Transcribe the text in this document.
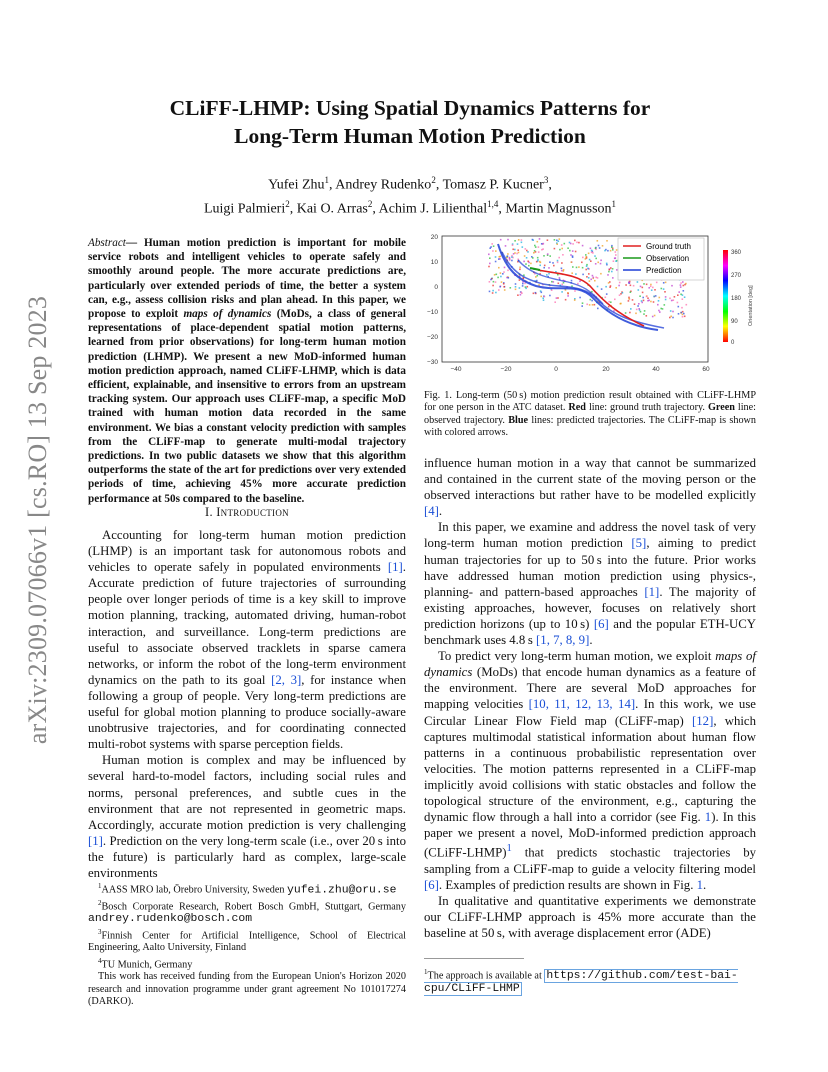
arXiv:2309.07066v1 [cs.RO] 13 Sep 2023
CLiFF-LHMP: Using Spatial Dynamics Patterns for
Long-Term Human Motion Prediction
Yufei Zhu$^1$, Andrey Rudenko$^2$, Tomasz P. Kucner$^3$,
Luigi Palmieri$^2$, Kai O. Arras$^2$, Achim J. Lilienthal$^{1,4}$, Martin Magnusson$^1$
Abstract— Human motion prediction is important for mobile service robots and intelligent vehicles to operate safely and smoothly around people. The more accurate predictions are, particularly over extended periods of time, the better a system can, e.g., assess collision risks and plan ahead. In this paper, we propose to exploit maps of dynamics (MoDs, a class of general representations of place-dependent spatial motion patterns, learned from prior observations) for long-term human motion prediction (LHMP). We present a new MoD-informed human motion prediction approach, named CLiFF-LHMP, which is data efficient, explainable, and insensitive to errors from an upstream tracking system. Our approach uses CLiFF-map, a specific MoD trained with human motion data recorded in the same environment. We bias a constant velocity prediction with samples from the CLiFF-map to generate multi-modal trajectory predictions. In two public datasets we show that this algorithm outperforms the state of the art for predictions over very extended periods of time, achieving 45% more accurate prediction performance at 50s compared to the baseline.
I. Introduction

Accounting for long-term human motion prediction (LHMP) is an important task for autonomous robots and vehicles to operate safely in populated environments [1]. Accurate prediction of future trajectories of surrounding people over longer periods of time is a key skill to improve motion planning, tracking, automated driving, human-robot interaction, and surveillance. Long-term predictions are useful to associate observed tracklets in sparse camera networks, or inform the robot of the long-term environment dynamics on the path to its goal [2, 3], for instance when following a group of people. Very long-term predictions are useful for global motion planning to produce socially-aware unobtrusive trajectories, and for coordinating connected multi-robot systems with sparse perception fields.

Human motion is complex and may be influenced by several hard-to-model factors, including social rules and norms, personal preferences, and subtle cues in the environment that are not represented in geometric maps. Accordingly, accurate motion prediction is very challenging [1]. Prediction on the very long-term scale (i.e., over 20 s into the future) is particularly hard as complex, large-scale environments

$^1$AASS MRO lab, Örebro University, Sweden yufei.zhu@oru.se

$^2$Bosch Corporate Research, Robert Bosch GmbH, Stuttgart, Germany andrey.rudenko@bosch.com

$^3$Finnish Center for Artificial Intelligence, School of Electrical Engineering, Aalto University, Finland

$^4$TU Munich, Germany

This work has received funding from the European Union's Horizon 2020 research and innovation programme under grant agreement No 101017274 (DARKO).

Ground truth
Observation
Prediction
20
10
0
−10
−20
−30
−40	−20	0	20	40	60
360
270
180
90
0
Orientation [deg]
Fig. 1. Long-term (50 s) motion prediction result obtained with CLiFF-LHMP for one person in the ATC dataset. Red line: ground truth trajectory. Green line: observed trajectory. Blue lines: predicted trajectories. The CLiFF-map is shown with colored arrows.

influence human motion in a way that cannot be summarized and contained in the current state of the moving person or the observed interactions but rather have to be modelled explicitly [4].

In this paper, we examine and address the novel task of very long-term human motion prediction [5], aiming to predict human trajectories for up to 50 s into the future. Prior works have addressed human motion prediction using physics-, planning- and pattern-based approaches [1]. The majority of existing approaches, however, focuses on relatively short prediction horizons (up to 10 s) [6] and the popular ETH-UCY benchmark uses 4.8 s [1, 7, 8, 9].

To predict very long-term human motion, we exploit maps of dynamics (MoDs) that encode human dynamics as a feature of the environment. There are several MoD approaches for mapping velocities [10, 11, 12, 13, 14]. In this work, we use Circular Linear Flow Field map (CLiFF-map) [12], which captures multimodal statistical information about human flow patterns in a continuous probabilistic representation over velocities. The motion patterns represented in a CLiFF-map implicitly avoid collisions with static obstacles and follow the topological structure of the environment, e.g., capturing the dynamic flow through a hall into a corridor (see Fig. 1). In this paper we present a novel, MoD-informed prediction approach (CLiFF-LHMP)$^1$ that predicts stochastic trajectories by sampling from a CLiFF-map to guide a velocity filtering model [6]. Examples of prediction results are shown in Fig. 1.

In qualitative and quantitative experiments we demonstrate our CLiFF-LHMP approach is 45% more accurate than the baseline at 50 s, with average displacement error (ADE)

$^1$The approach is available at https://github.com/test-bai-cpu/CLiFF-LHMP
